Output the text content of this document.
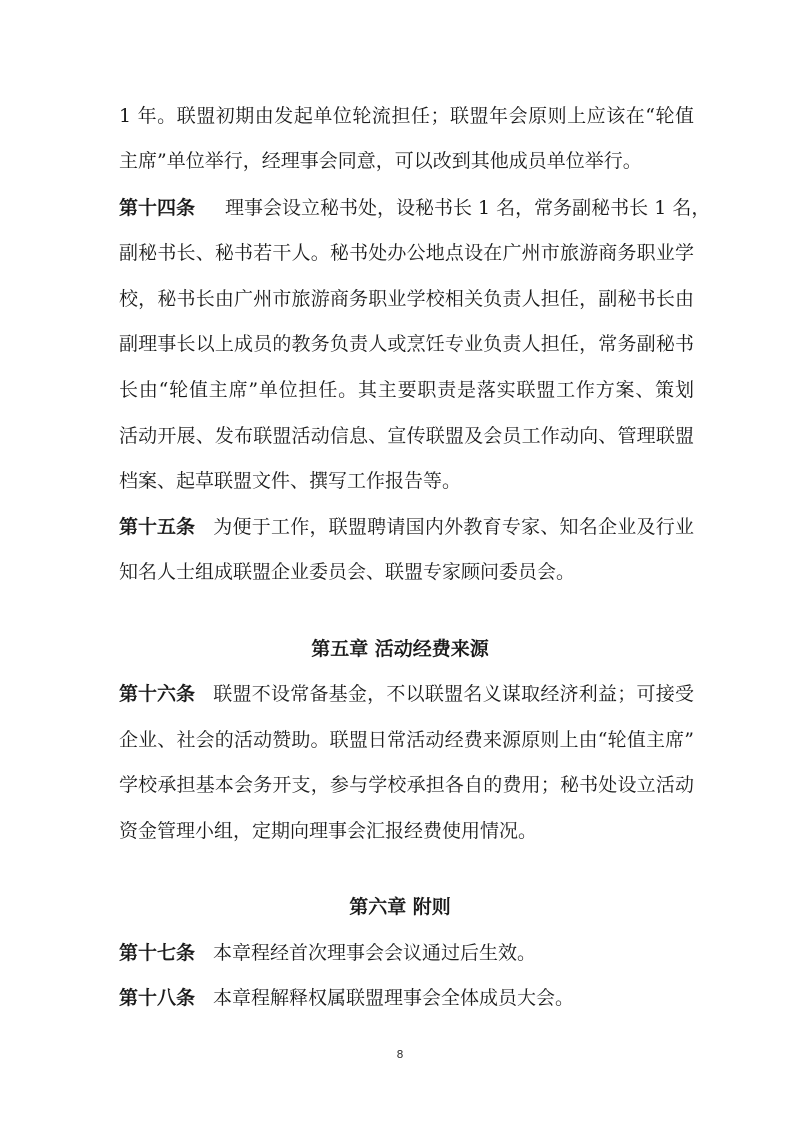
1 年。联盟初期由发起单位轮流担任；联盟年会原则上应该在“轮值
主席”单位举行，经理事会同意，可以改到其他成员单位举行。
第十四条 理事会设立秘书处，设秘书长 1 名，常务副秘书长 1 名，
副秘书长、秘书若干人。秘书处办公地点设在广州市旅游商务职业学
校，秘书长由广州市旅游商务职业学校相关负责人担任，副秘书长由
副理事长以上成员的教务负责人或烹饪专业负责人担任，常务副秘书
长由“轮值主席”单位担任。其主要职责是落实联盟工作方案、策划
活动开展、发布联盟活动信息、宣传联盟及会员工作动向、管理联盟
档案、起草联盟文件、撰写工作报告等。
第十五条 为便于工作，联盟聘请国内外教育专家、知名企业及行业
知名人士组成联盟企业委员会、联盟专家顾问委员会。
第五章 活动经费来源
第十六条 联盟不设常备基金，不以联盟名义谋取经济利益；可接受
企业、社会的活动赞助。联盟日常活动经费来源原则上由“轮值主席”
学校承担基本会务开支，参与学校承担各自的费用；秘书处设立活动
资金管理小组，定期向理事会汇报经费使用情况。
第六章 附则
第十七条 本章程经首次理事会会议通过后生效。
第十八条 本章程解释权属联盟理事会全体成员大会。
8
